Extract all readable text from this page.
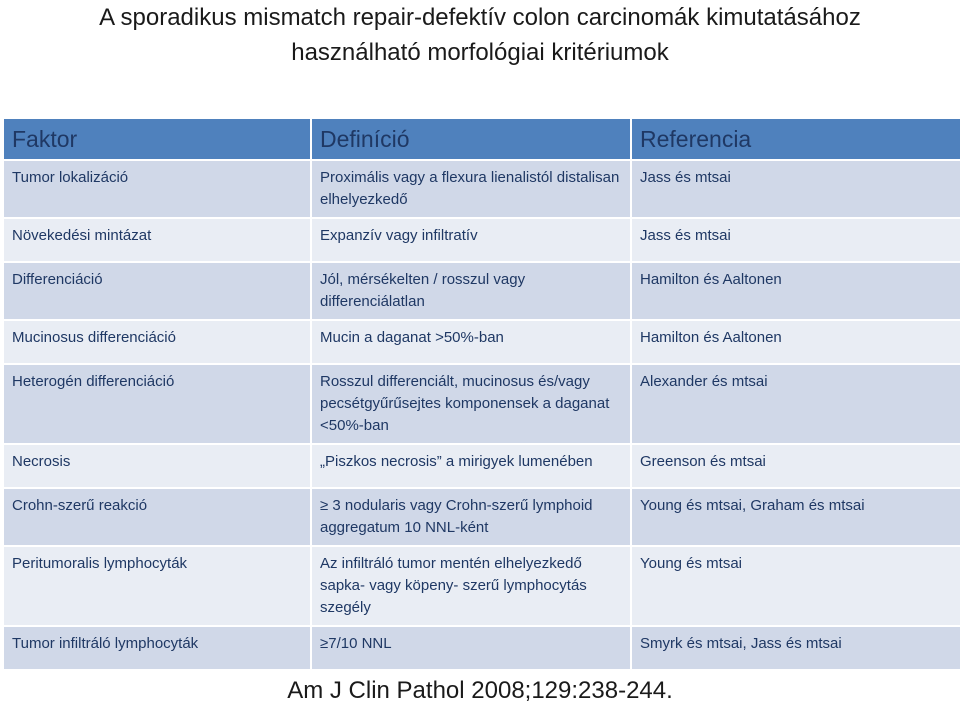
A sporadikus mismatch repair-defektív colon carcinomák kimutatásához
használható morfológiai kritériumok
Faktor	Definíció	Referencia
Tumor lokalizáció	Proximális vagy a flexura lienalistól distalisan elhelyezkedő	Jass és mtsai
Növekedési mintázat	Expanzív vagy infiltratív	Jass és mtsai
Differenciáció	Jól, mérsékelten / rosszul vagy differenciálatlan	Hamilton és Aaltonen
Mucinosus differenciáció	Mucin a daganat >50%-ban	Hamilton és Aaltonen
Heterogén differenciáció	Rosszul differenciált, mucinosus és/vagy pecsétgyűrűsejtes komponensek a daganat <50%-ban	Alexander és mtsai
Necrosis	„Piszkos necrosis” a mirigyek lumenében	Greenson és mtsai
Crohn-szerű reakció	≥ 3 nodularis vagy Crohn-szerű lymphoid aggregatum 10 NNL-ként	Young és mtsai, Graham és mtsai
Peritumoralis lymphocyták	Az infiltráló tumor mentén elhelyezkedő sapka- vagy köpeny- szerű lymphocytás szegély	Young és mtsai
Tumor infiltráló lymphocyták	≥7/10 NNL	Smyrk és mtsai, Jass és mtsai
Am J Clin Pathol 2008;129:238-244.
